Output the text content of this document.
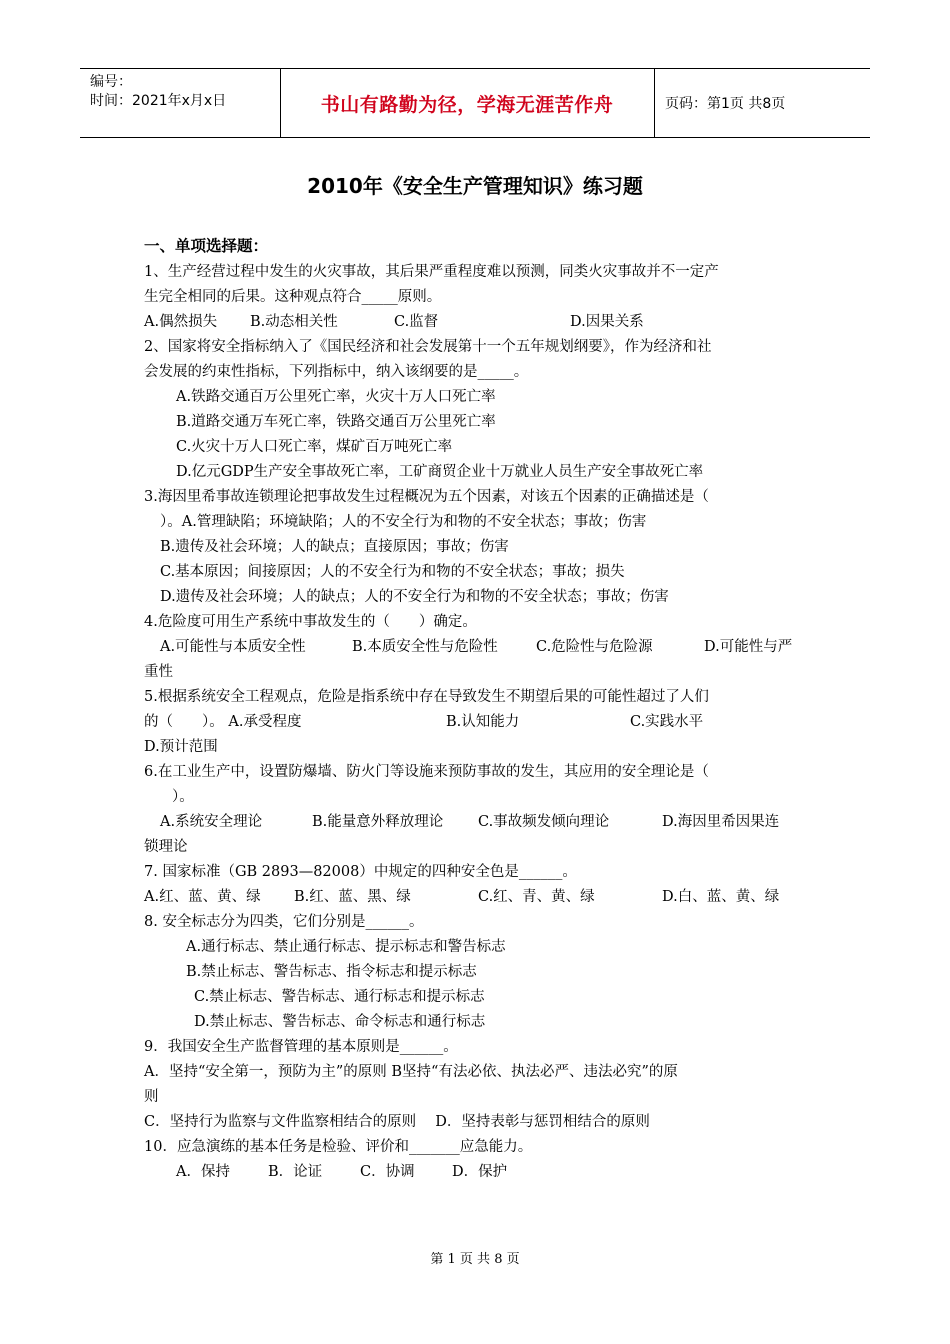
编号：
时间：2021年x月x日	书山有路勤为径，学海无涯苦作舟	页码：第1页 共8页
2010年《安全生产管理知识》练习题
一、单项选择题：
1、生产经营过程中发生的火灾事故，其后果严重程度难以预测，同类火灾事故并不一定产
生完全相同的后果。这种观点符合_____原则。
A.偶然损失 B.动态相关性	C.监督	D.因果关系
2、国家将安全指标纳入了《国民经济和社会发展第十一个五年规划纲要》，作为经济和社
会发展的约束性指标，下列指标中，纳入该纲要的是_____。
A.铁路交通百万公里死亡率，火灾十万人口死亡率
B.道路交通万车死亡率，铁路交通百万公里死亡率
C.火灾十万人口死亡率，煤矿百万吨死亡率
D.亿元GDP生产安全事故死亡率，工矿商贸企业十万就业人员生产安全事故死亡率
3.海因里希事故连锁理论把事故发生过程概况为五个因素，对该五个因素的正确描述是（
）。A.管理缺陷；环境缺陷；人的不安全行为和物的不安全状态；事故；伤害
B.遗传及社会环境；人的缺点；直接原因；事故；伤害
C.基本原因；间接原因；人的不安全行为和物的不安全状态；事故；损失
D.遗传及社会环境；人的缺点；人的不安全行为和物的不安全状态；事故；伤害
4.危险度可用生产系统中事故发生的（　　）确定。
A.可能性与本质安全性	B.本质安全性与危险性	C.危险性与危险源	D.可能性与严
重性
5.根据系统安全工程观点，危险是指系统中存在导致发生不期望后果的可能性超过了人们
的（　　）。 A.承受程度	B.认知能力	C.实践水平
D.预计范围
6.在工业生产中，设置防爆墙、防火门等设施来预防事故的发生，其应用的安全理论是（
）。
A.系统安全理论	B.能量意外释放理论 C.事故频发倾向理论	D.海因里希因果连
锁理论
7. 国家标准（GB 2893—82008）中规定的四种安全色是______。
A.红、蓝、黄、绿 B.红、蓝、黑、绿	C.红、青、黄、绿	D.白、蓝、黄、绿
8. 安全标志分为四类，它们分别是______。
A.通行标志、禁止通行标志、提示标志和警告标志
B.禁止标志、警告标志、指令标志和提示标志
C.禁止标志、警告标志、通行标志和提示标志
D.禁止标志、警告标志、命令标志和通行标志
9．我国安全生产监督管理的基本原则是______。
A．坚持“安全第一，预防为主”的原则 B坚持“有法必依、执法必严、违法必究”的原
则
C．坚持行为监察与文件监察相结合的原则　 D．坚持表彰与惩罚相结合的原则
10．应急演练的基本任务是检验、评价和_______应急能力。
A．保持	B．论证	C．协调	D．保护
第 1 页 共 8 页
